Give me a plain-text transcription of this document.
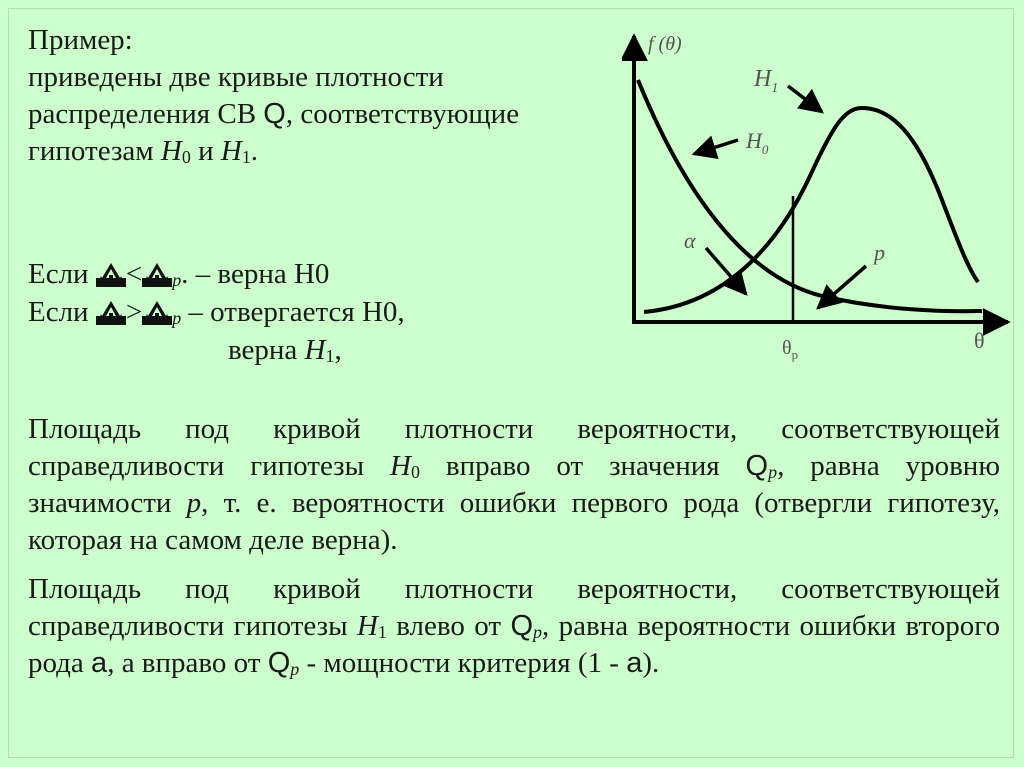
Пример:
приведены две кривые плотности
распределения СВ Q, соответствующие
гипотезам $H_0$ и $H_1$.
Если < $_p$. – верна Н0
Если > $_p$ – отвергается Н0,
верна $H_1$,
Площадь под кривой плотности вероятности, соответствующей справедливости гипотезы $H_0$ вправо от значения $Q_p$, равна уровню значимости p, т. е. вероятности ошибки первого рода (отвергли гипотезу, которая на самом деле верна).
Площадь под кривой плотности вероятности, соответствующей справедливости гипотезы $H_1$ влево от $Q_p$, равна вероятности ошибки второго рода a, а вправо от $Q_p$ - мощности критерия (1 - a).
f (θ)
θ
$\theta_p$
$H_0$
$H_1$
α	p
